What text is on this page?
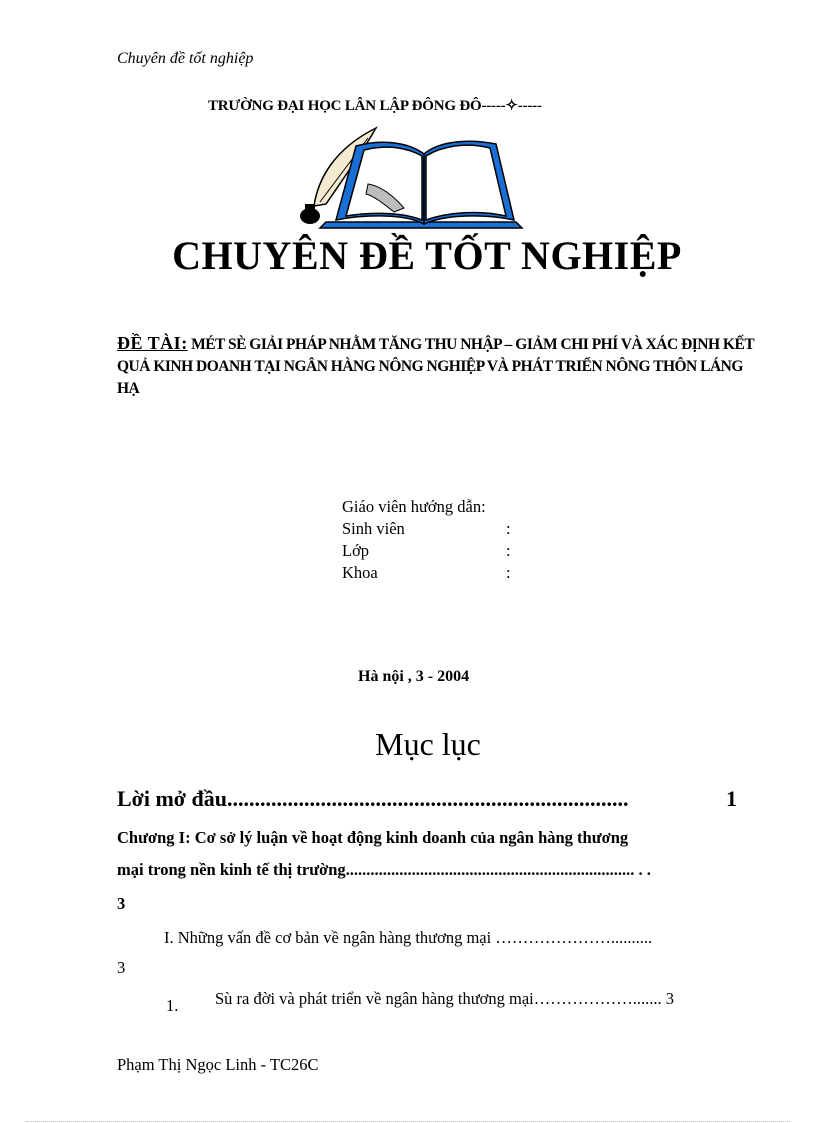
Chuyên đề tốt nghiệp
TRƯỜNG ĐẠI HỌC LÂN LẬP ĐÔNG ĐÔ-----✧-----
CHUYÊN ĐỀ TỐT NGHIỆP
ĐỀ TÀI: MÉT SÈ GIẢI PHÁP NHẰM TĂNG THU NHẬP – GIẢM CHI PHÍ VÀ XÁC ĐỊNH KẾT QUẢ KINH DOANH TẠI NGÂN HÀNG NÔNG NGHIỆP VÀ PHÁT TRIỂN NÔNG THÔN LÁNG HẠ
Giáo viên hướng dẫn:
Sinh viên	:
Lớp	:
Khoa	:
Hà nội , 3 - 2004
Mục lục
Lời mở đầu.........................................................................	1
Chương I: Cơ sở lý luận về hoạt động kinh doanh của ngân hàng thương
mại trong nền kinh tế thị trường...................................................................... . .
3
I. Những vấn đề cơ bản về ngân hàng thương mại …………………..........
3
1. Sù ra đời và phát triển về ngân hàng thương mại………………....... 3
Phạm Thị Ngọc Linh - TC26C
